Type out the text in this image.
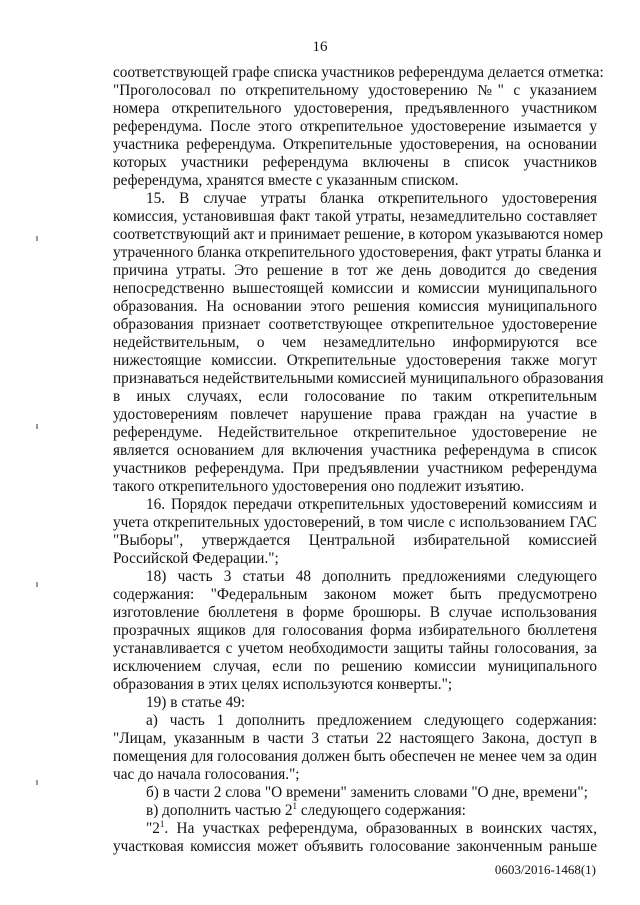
16
соответствующей графе списка участников референдума делается отметка:
"Проголосовал по открепительному удостоверению №" с указанием
номера открепительного удостоверения, предъявленного участником
референдума. После этого открепительное удостоверение изымается у
участника референдума. Открепительные удостоверения, на основании
которых участники референдума включены в список участников
референдума, хранятся вместе с указанным списком.
15. В случае утраты бланка открепительного удостоверения
комиссия, установившая факт такой утраты, незамедлительно составляет
соответствующий акт и принимает решение, в котором указываются номер
утраченного бланка открепительного удостоверения, факт утраты бланка и
причина утраты. Это решение в тот же день доводится до сведения
непосредственно вышестоящей комиссии и комиссии муниципального
образования. На основании этого решения комиссия муниципального
образования признает соответствующее открепительное удостоверение
недействительным, о чем незамедлительно информируются все
нижестоящие комиссии. Открепительные удостоверения также могут
признаваться недействительными комиссией муниципального образования
в иных случаях, если голосование по таким открепительным
удостоверениям повлечет нарушение права граждан на участие в
референдуме. Недействительное открепительное удостоверение не
является основанием для включения участника референдума в список
участников референдума. При предъявлении участником референдума
такого открепительного удостоверения оно подлежит изъятию.
16. Порядок передачи открепительных удостоверений комиссиям и
учета открепительных удостоверений, в том числе с использованием ГАС
"Выборы", утверждается Центральной избирательной комиссией
Российской Федерации.";
18) часть 3 статьи 48 дополнить предложениями следующего
содержания: "Федеральным законом может быть предусмотрено
изготовление бюллетеня в форме брошюры. В случае использования
прозрачных ящиков для голосования форма избирательного бюллетеня
устанавливается с учетом необходимости защиты тайны голосования, за
исключением случая, если по решению комиссии муниципального
образования в этих целях используются конверты.";
19) в статье 49:
а) часть 1 дополнить предложением следующего содержания:
"Лицам, указанным в части 3 статьи 22 настоящего Закона, доступ в
помещения для голосования должен быть обеспечен не менее чем за один
час до начала голосования.";
б) в части 2 слова "О времени" заменить словами "О дне, времени";
в) дополнить частью $2^1$ следующего содержания:
"$2^1$. На участках референдума, образованных в воинских частях,
участковая комиссия может объявить голосование законченным раньше
0603/2016-1468(1)
